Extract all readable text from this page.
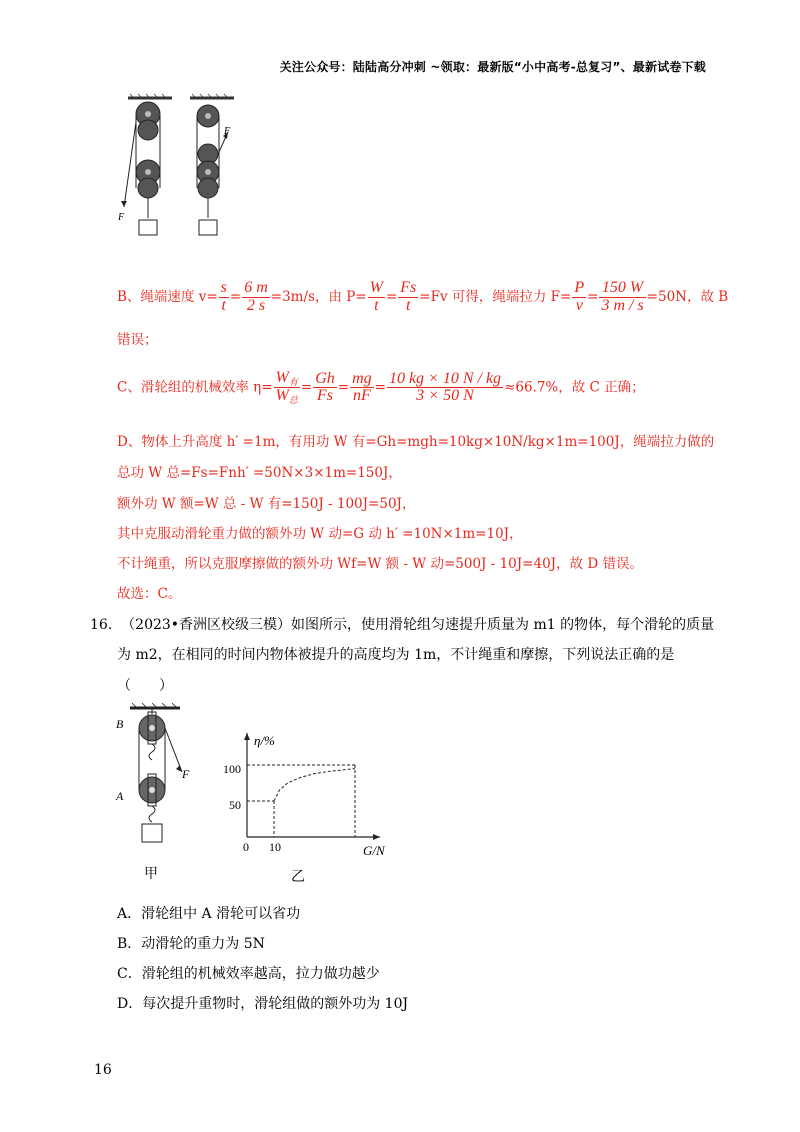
关注公众号：陆陆高分冲刺 ~领取：最新版“小中高考-总复习”、最新试卷下载
F
F
B、绳端速度 $v= \frac{s}{t} = \frac{6 m}{2 s} =3m/s$，由 $P= \frac{W}{t} = \frac{Fs}{t} =Fv$ 可得，绳端拉力 $F= \frac{P}{v} = \frac{150 W}{3 m / s} =50N$，故 B
错误；
C、滑轮组的机械效率 $\eta= \frac{W_有}{W_总} = \frac{Gh}{Fs} = \frac{mg}{nF} = \frac{10 kg \times 10 N / kg}{3 \times 50 N} \approx 66.7\%$，故 C 正确；
D、物体上升高度 h′ =1m，有用功 W 有=Gh=mgh=10kg×10N/kg×1m=100J，绳端拉力做的
总功 W 总=Fs=Fnh′ =50N×3×1m=150J，
额外功 W 额=W 总 - W 有=150J - 100J=50J，
其中克服动滑轮重力做的额外功 W 动=G 动 h′ =10N×1m=10J，
不计绳重，所以克服摩擦做的额外功 Wf=W 额 - W 动=500J - 10J=40J，故 D 错误。
故选：C。
16. （2023•香洲区校级三模）如图所示，使用滑轮组匀速提升质量为 m1 的物体，每个滑轮的质量
为 m2，在相同的时间内物体被提升的高度均为 1m，不计绳重和摩擦，下列说法正确的是
（　　）
B
A
F
甲
η/%
G/N
100
50
0 10
乙
A．滑轮组中 A 滑轮可以省功
B．动滑轮的重力为 5N
C．滑轮组的机械效率越高，拉力做功越少
D．每次提升重物时，滑轮组做的额外功为 10J
16
